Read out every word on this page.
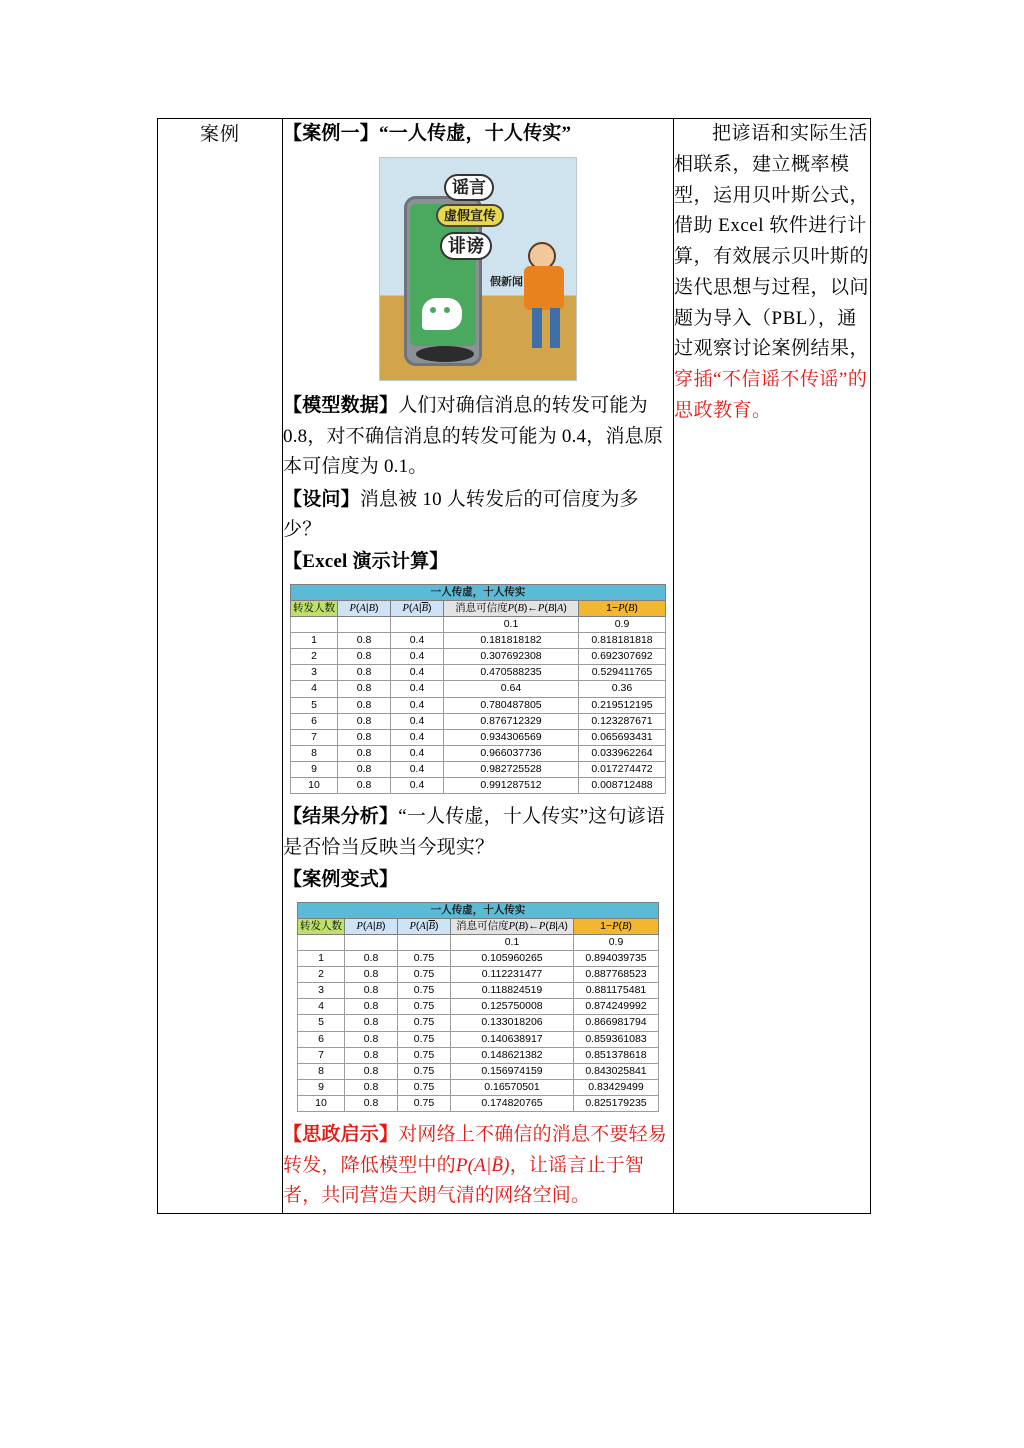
案例	【案例一】“一人传虚，十人传实”

谣言
虚假宣传
诽谤
假新闻

【模型数据】人们对确信消息的转发可能为 0.8，对不确信消息的转发可能为 0.4，消息原本可信度为 0.1。

【设问】消息被 10 人转发后的可信度为多少？

【Excel 演示计算】

一人传虚，十人传实
转发人数	P(A|B)	$P(A|\overline{B})$	消息可信度P(B)←P(B|A)	1−P(B)
			0.1	0.9
1	0.8	0.4	0.181818182	0.818181818
2	0.8	0.4	0.307692308	0.692307692
3	0.8	0.4	0.470588235	0.529411765
4	0.8	0.4	0.64	0.36
5	0.8	0.4	0.780487805	0.219512195
6	0.8	0.4	0.876712329	0.123287671
7	0.8	0.4	0.934306569	0.065693431
8	0.8	0.4	0.966037736	0.033962264
9	0.8	0.4	0.982725528	0.017274472
10	0.8	0.4	0.991287512	0.008712488

【结果分析】“一人传虚，十人传实”这句谚语是否恰当反映当今现实？

【案例变式】

一人传虚，十人传实
转发人数	P(A|B)	$P(A|\overline{B})$	消息可信度P(B)←P(B|A)	1−P(B)
			0.1	0.9
1	0.8	0.75	0.105960265	0.894039735
2	0.8	0.75	0.112231477	0.887768523
3	0.8	0.75	0.118824519	0.881175481
4	0.8	0.75	0.125750008	0.874249992
5	0.8	0.75	0.133018206	0.866981794
6	0.8	0.75	0.140638917	0.859361083
7	0.8	0.75	0.148621382	0.851378618
8	0.8	0.75	0.156974159	0.843025841
9	0.8	0.75	0.16570501	0.83429499
10	0.8	0.75	0.174820765	0.825179235

【思政启示】对网络上不确信的消息不要轻易转发，降低模型中的P(A|B̄)，让谣言止于智者，共同营造天朗气清的网络空间。

把谚语和实际生活相联系，建立概率模型，运用贝叶斯公式，借助 Excel 软件进行计算，有效展示贝叶斯的迭代思想与过程，以问题为导入（PBL），通过观察讨论案例结果，穿插“不信谣不传谣”的思政教育。
